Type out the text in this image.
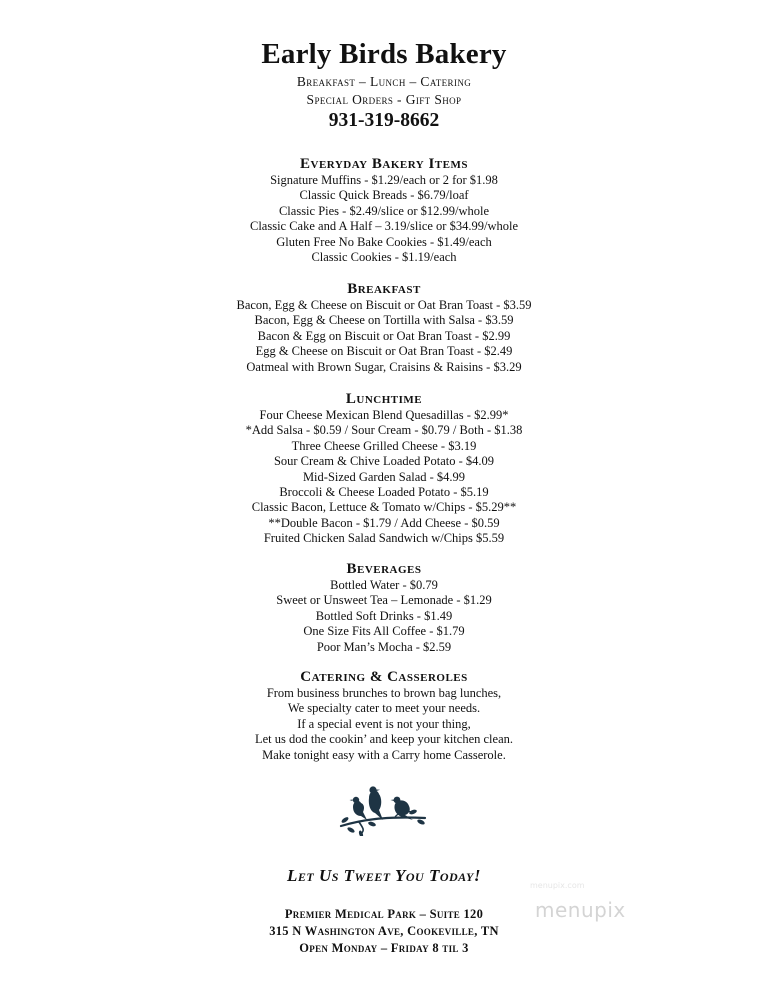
Early Birds Bakery
Breakfast – Lunch – Catering
Special Orders - Gift Shop
931-319-8662
Everyday Bakery Items
Signature Muffins - $1.29/each or 2 for $1.98
Classic Quick Breads - $6.79/loaf
Classic Pies - $2.49/slice or $12.99/whole
Classic Cake and A Half – 3.19/slice or $34.99/whole
Gluten Free No Bake Cookies - $1.49/each
Classic Cookies - $1.19/each
Breakfast
Bacon, Egg & Cheese on Biscuit or Oat Bran Toast - $3.59
Bacon, Egg & Cheese on Tortilla with Salsa - $3.59
Bacon & Egg on Biscuit or Oat Bran Toast - $2.99
Egg & Cheese on Biscuit or Oat Bran Toast - $2.49
Oatmeal with Brown Sugar, Craisins & Raisins - $3.29
Lunchtime
Four Cheese Mexican Blend Quesadillas - $2.99*
*Add Salsa - $0.59 / Sour Cream - $0.79 / Both - $1.38
Three Cheese Grilled Cheese - $3.19
Sour Cream & Chive Loaded Potato - $4.09
Mid-Sized Garden Salad - $4.99
Broccoli & Cheese Loaded Potato - $5.19
Classic Bacon, Lettuce & Tomato w/Chips - $5.29**
**Double Bacon - $1.79 / Add Cheese - $0.59
Fruited Chicken Salad Sandwich w/Chips $5.59
Beverages
Bottled Water - $0.79
Sweet or Unsweet Tea – Lemonade - $1.29
Bottled Soft Drinks - $1.49
One Size Fits All Coffee - $1.79
Poor Man’s Mocha - $2.59
Catering & Casseroles
From business brunches to brown bag lunches,
We specialty cater to meet your needs.
If a special event is not your thing,
Let us dod the cookin’ and keep your kitchen clean.
Make tonight easy with a Carry home Casserole.
Let Us Tweet You Today!
Premier Medical Park – Suite 120
315 N Washington Ave, Cookeville, TN
Open Monday – Friday 8 til 3
menupix.com
menupix
